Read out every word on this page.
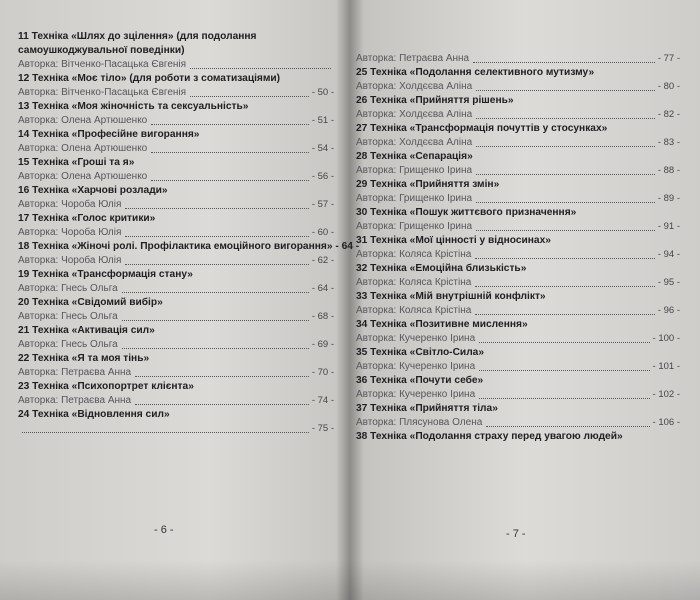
11 Техніка «Шлях до зцілення» (для подолання самоушкоджувальної поведінки)
Авторка: Вітченко-Пасацька Євгенія
12 Техніка «Моє тіло» (для роботи з соматизаціями)
Авторка: Вітченко-Пасацька Євгенія	- 50 -
13 Техніка «Моя жіночність та сексуальність»
Авторка: Олена Артюшенко	- 51 -
14 Техніка «Професійне вигорання»
Авторка: Олена Артюшенко	- 54 -
15 Техніка «Гроші та я»
Авторка: Олена Артюшенко	- 56 -
16 Техніка «Харчові розлади»
Авторка: Чороба Юлія	- 57 -
17 Техніка «Голос критики»
Авторка: Чороба Юлія	- 60 -
18 Техніка «Жіночі ролі. Профілактика емоційного вигорання» - 64 -
Авторка: Чороба Юлія	- 62 -
19 Техніка «Трансформація стану»
Авторка: Гнесь Ольга	- 64 -
20 Техніка «Свідомий вибір»
Авторка: Гнесь Ольга	- 68 -
21 Техніка «Активація сил»
Авторка: Гнесь Ольга	- 69 -
22 Техніка «Я та моя тінь»
Авторка: Петраєва Анна	- 70 -
23 Техніка «Психопортрет клієнта»
Авторка: Петраєва Анна	- 74 -
24 Техніка «Відновлення сил»
- 75 -
- 6 -
Авторка: Петраєва Анна	- 77 -
25 Техніка «Подолання селективного мутизму»
Авторка: Холдєєва Аліна	- 80 -
26 Техніка «Прийняття рішень»
Авторка: Холдєєва Аліна	- 82 -
27 Техніка «Трансформація почуттів у стосунках»
Авторка: Холдєєва Аліна	- 83 -
28 Техніка «Сепарація»
Авторка: Грищенко Ірина	- 88 -
29 Техніка «Прийняття змін»
Авторка: Грищенко Ірина	- 89 -
30 Техніка «Пошук життєвого призначення»
Авторка: Грищенко Ірина	- 91 -
31 Техніка «Мої цінності у відносинах»
Авторка: Коляса Крістіна	- 94 -
32 Техніка «Емоційна близькість»
Авторка: Коляса Крістіна	- 95 -
33 Техніка «Мій внутрішній конфлікт»
Авторка: Коляса Крістіна	- 96 -
34 Техніка «Позитивне мислення»
Авторка: Кучеренко Ірина	- 100 -
35 Техніка «Світло-Сила»
Авторка: Кучеренко Ірина	- 101 -
36 Техніка «Почути себе»
Авторка: Кучеренко Ірина	- 102 -
37 Техніка «Прийняття тіла»
Авторка: Плясунова Олена	- 106 -
38 Техніка «Подолання страху перед увагою людей»
- 7 -
